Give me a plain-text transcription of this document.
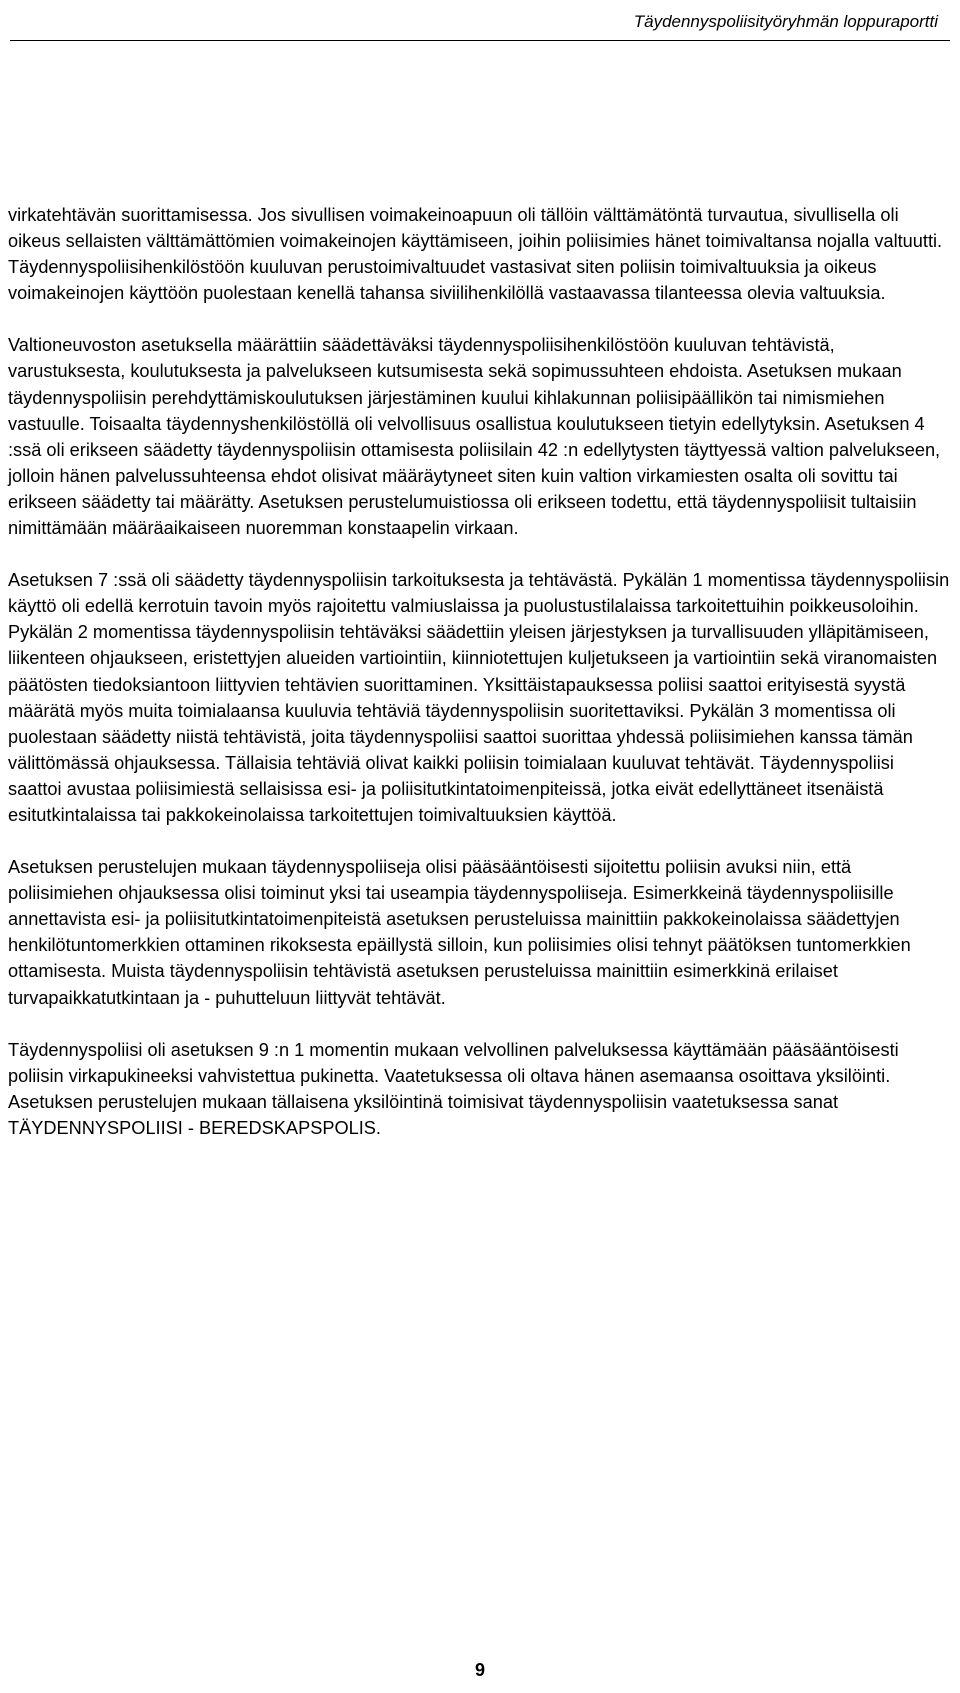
Täydennyspoliisityöryhmän loppuraportti

virkatehtävän suorittamisessa. Jos sivullisen voimakeinoapuun oli tällöin välttämätöntä turvautua, sivullisella oli oikeus sellaisten välttämättömien voimakeinojen käyttämiseen, joihin poliisimies hänet toimivaltansa nojalla valtuutti. Täydennyspoliisihenkilöstöön kuuluvan perustoimivaltuudet vastasivat siten poliisin toimivaltuuksia ja oikeus voimakeinojen käyttöön puolestaan kenellä tahansa siviilihenkilöllä vastaavassa tilanteessa olevia valtuuksia.

Valtioneuvoston asetuksella määrättiin säädettäväksi täydennyspoliisihenkilöstöön kuuluvan tehtävistä, varustuksesta, koulutuksesta ja palvelukseen kutsumisesta sekä sopimussuhteen ehdoista. Asetuksen mukaan täydennyspoliisin perehdyttämiskoulutuksen järjestäminen kuului kihlakunnan poliisipäällikön tai nimismiehen vastuulle. Toisaalta täydennyshenkilöstöllä oli velvollisuus osallistua koulutukseen tietyin edellytyksin. Asetuksen 4 :ssä oli erikseen säädetty täydennyspoliisin ottamisesta poliisilain 42 :n edellytysten täyttyessä valtion palvelukseen, jolloin hänen palvelussuhteensa ehdot olisivat määräytyneet siten kuin valtion virkamiesten osalta oli sovittu tai erikseen säädetty tai määrätty. Asetuksen perustelumuistiossa oli erikseen todettu, että täydennyspoliisit tultaisiin nimittämään määräaikaiseen nuoremman konstaapelin virkaan.

Asetuksen 7 :ssä oli säädetty täydennyspoliisin tarkoituksesta ja tehtävästä. Pykälän 1 momentissa täydennyspoliisin käyttö oli edellä kerrotuin tavoin myös rajoitettu valmiuslaissa ja puolustustilalaissa tarkoitettuihin poikkeusoloihin. Pykälän 2 momentissa täydennyspoliisin tehtäväksi säädettiin yleisen järjestyksen ja turvallisuuden ylläpitämiseen, liikenteen ohjaukseen, eristettyjen alueiden vartiointiin, kiinniotettujen kuljetukseen ja vartiointiin sekä viranomaisten päätösten tiedoksiantoon liittyvien tehtävien suorittaminen. Yksittäistapauksessa poliisi saattoi erityisestä syystä määrätä myös muita toimialaansa kuuluvia tehtäviä täydennyspoliisin suoritettaviksi. Pykälän 3 momentissa oli puolestaan säädetty niistä tehtävistä, joita täydennyspoliisi saattoi suorittaa yhdessä poliisimiehen kanssa tämän välittömässä ohjauksessa. Tällaisia tehtäviä olivat kaikki poliisin toimialaan kuuluvat tehtävät. Täydennyspoliisi saattoi avustaa poliisimiestä sellaisissa esi- ja poliisitutkintatoimenpiteissä, jotka eivät edellyttäneet itsenäistä esitutkintalaissa tai pakkokeinolaissa tarkoitettujen toimivaltuuksien käyttöä.

Asetuksen perustelujen mukaan täydennyspoliiseja olisi pääsääntöisesti sijoitettu poliisin avuksi niin, että poliisimiehen ohjauksessa olisi toiminut yksi tai useampia täydennyspoliiseja. Esimerkkeinä täydennyspoliisille annettavista esi- ja poliisitutkintatoimenpiteistä asetuksen perusteluissa mainittiin pakkokeinolaissa säädettyjen henkilötuntomerkkien ottaminen rikoksesta epäillystä silloin, kun poliisimies olisi tehnyt päätöksen tuntomerkkien ottamisesta. Muista täydennyspoliisin tehtävistä asetuksen perusteluissa mainittiin esimerkkinä erilaiset turvapaikkatutkintaan ja - puhutteluun liittyvät tehtävät.

Täydennyspoliisi oli asetuksen 9 :n 1 momentin mukaan velvollinen palveluksessa käyttämään pääsääntöisesti poliisin virkapukineeksi vahvistettua pukinetta. Vaatetuksessa oli oltava hänen asemaansa osoittava yksilöinti. Asetuksen perustelujen mukaan tällaisena yksilöintinä toimisivat täydennyspoliisin vaatetuksessa sanat TÄYDENNYSPOLIISI - BEREDSKAPSPOLIS.

9
